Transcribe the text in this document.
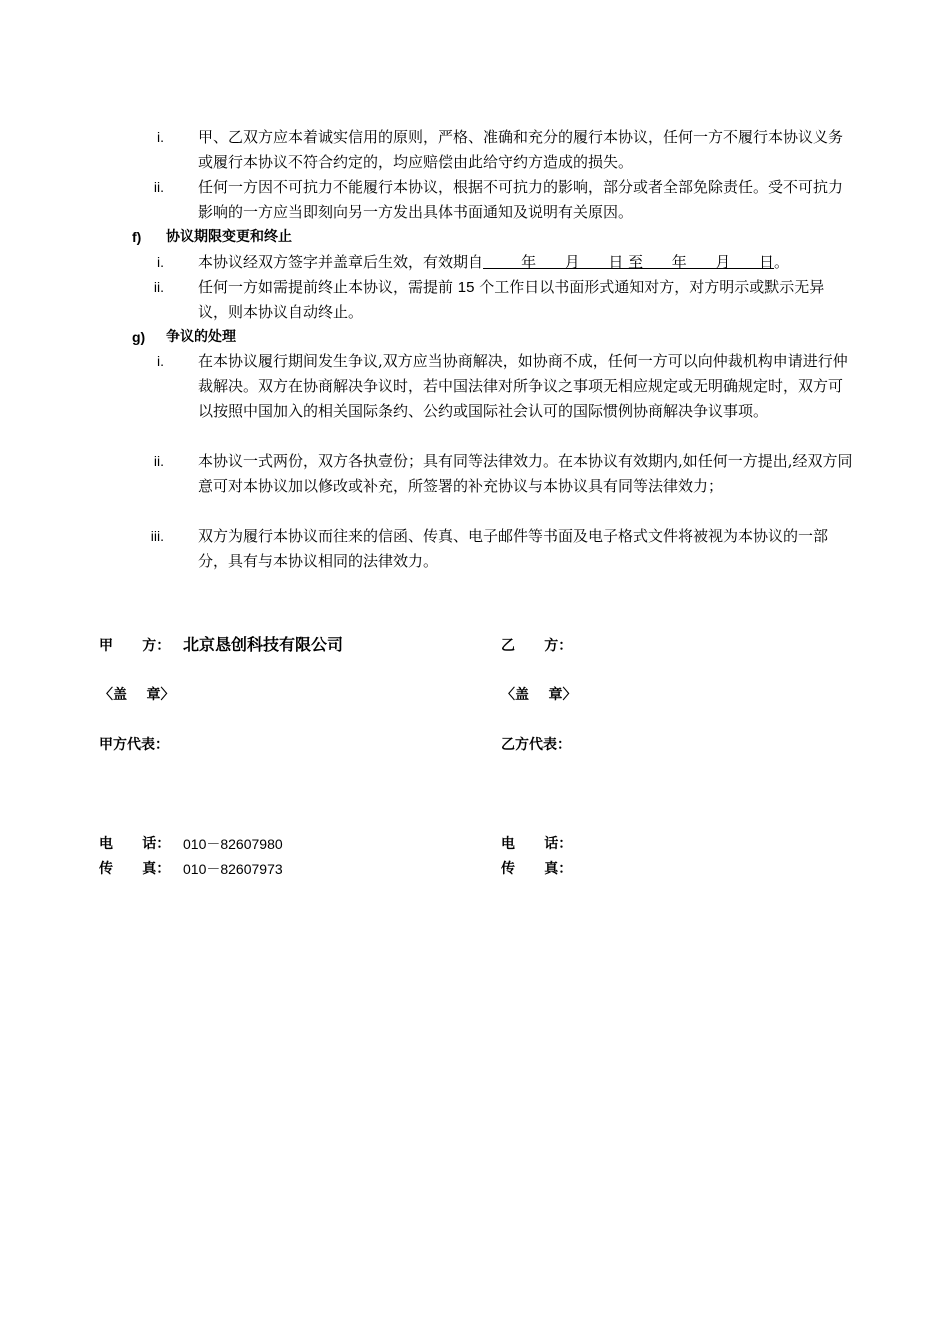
i. 甲、乙双方应本着诚实信用的原则，严格、准确和充分的履行本协议，任何一方不履行本协议义务或履行本协议不符合约定的，均应赔偿由此给守约方造成的损失。
ii. 任何一方因不可抗力不能履行本协议，根据不可抗力的影响，部分或者全部免除责任。受不可抗力影响的一方应当即刻向另一方发出具体书面通知及说明有关原因。
f) 协议期限变更和终止
i. 本协议经双方签字并盖章后生效，有效期自        年      月      日 至      年      月      日。
ii. 任何一方如需提前终止本协议，需提前 15 个工作日以书面形式通知对方，对方明示或默示无异议，则本协议自动终止。
g) 争议的处理
i. 在本协议履行期间发生争议,双方应当协商解决，如协商不成，任何一方可以向仲裁机构申请进行仲裁解决。双方在协商解决争议时，若中国法律对所争议之事项无相应规定或无明确规定时，双方可以按照中国加入的相关国际条约、公约或国际社会认可的国际惯例协商解决争议事项。
ii. 本协议一式两份，双方各执壹份；具有同等法律效力。在本协议有效期内,如任何一方提出,经双方同意可对本协议加以修改或补充，所签署的补充协议与本协议具有同等法律效力；
iii. 双方为履行本协议而往来的信函、传真、电子邮件等书面及电子格式文件将被视为本协议的一部分，具有与本协议相同的法律效力。
甲      方： 北京恳创科技有限公司	乙      方：
〈盖    章〉	〈盖    章〉
甲方代表：	乙方代表：
电      话： 010－82607980	电      话：
传      真： 010－82607973	传      真：
